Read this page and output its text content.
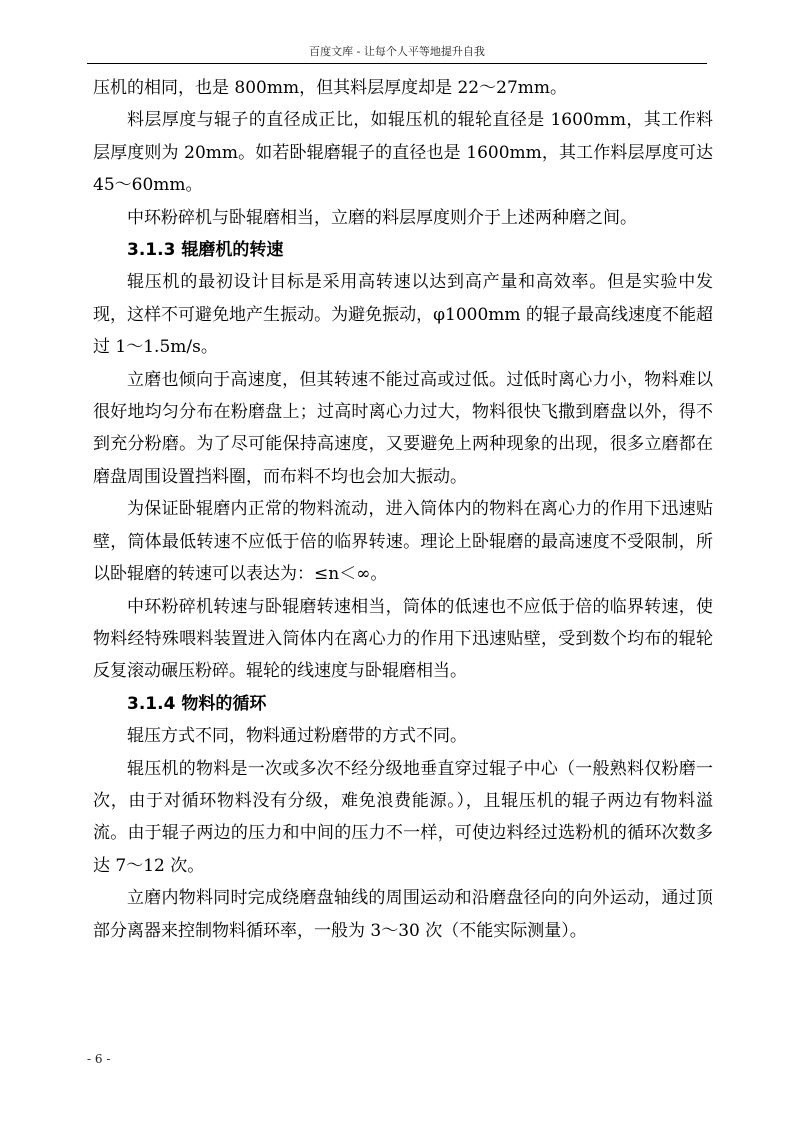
百度文库 - 让每个人平等地提升自我

压机的相同，也是 800mm，但其料层厚度却是 22～27mm。

料层厚度与辊子的直径成正比，如辊压机的辊轮直径是 1600mm，其工作料层厚度则为 20mm。如若卧辊磨辊子的直径也是 1600mm，其工作料层厚度可达 45～60mm。

中环粉碎机与卧辊磨相当，立磨的料层厚度则介于上述两种磨之间。

3.1.3 辊磨机的转速

辊压机的最初设计目标是采用高转速以达到高产量和高效率。但是实验中发现，这样不可避免地产生振动。为避免振动，φ1000mm 的辊子最高线速度不能超过 1～1.5m/s。

立磨也倾向于高速度，但其转速不能过高或过低。过低时离心力小，物料难以很好地均匀分布在粉磨盘上；过高时离心力过大，物料很快飞撒到磨盘以外，得不到充分粉磨。为了尽可能保持高速度，又要避免上两种现象的出现，很多立磨都在磨盘周围设置挡料圈，而布料不均也会加大振动。

为保证卧辊磨内正常的物料流动，进入筒体内的物料在离心力的作用下迅速贴壁，筒体最低转速不应低于倍的临界转速。理论上卧辊磨的最高速度不受限制，所以卧辊磨的转速可以表达为：≤n＜∞。

中环粉碎机转速与卧辊磨转速相当，筒体的低速也不应低于倍的临界转速，使物料经特殊喂料装置进入筒体内在离心力的作用下迅速贴壁，受到数个均布的辊轮反复滚动碾压粉碎。辊轮的线速度与卧辊磨相当。

3.1.4 物料的循环

辊压方式不同，物料通过粉磨带的方式不同。

辊压机的物料是一次或多次不经分级地垂直穿过辊子中心（一般熟料仅粉磨一次，由于对循环物料没有分级，难免浪费能源。），且辊压机的辊子两边有物料溢流。由于辊子两边的压力和中间的压力不一样，可使边料经过选粉机的循环次数多达 7～12 次。

立磨内物料同时完成绕磨盘轴线的周围运动和沿磨盘径向的向外运动，通过顶部分离器来控制物料循环率，一般为 3～30 次（不能实际测量）。

- 6 -
